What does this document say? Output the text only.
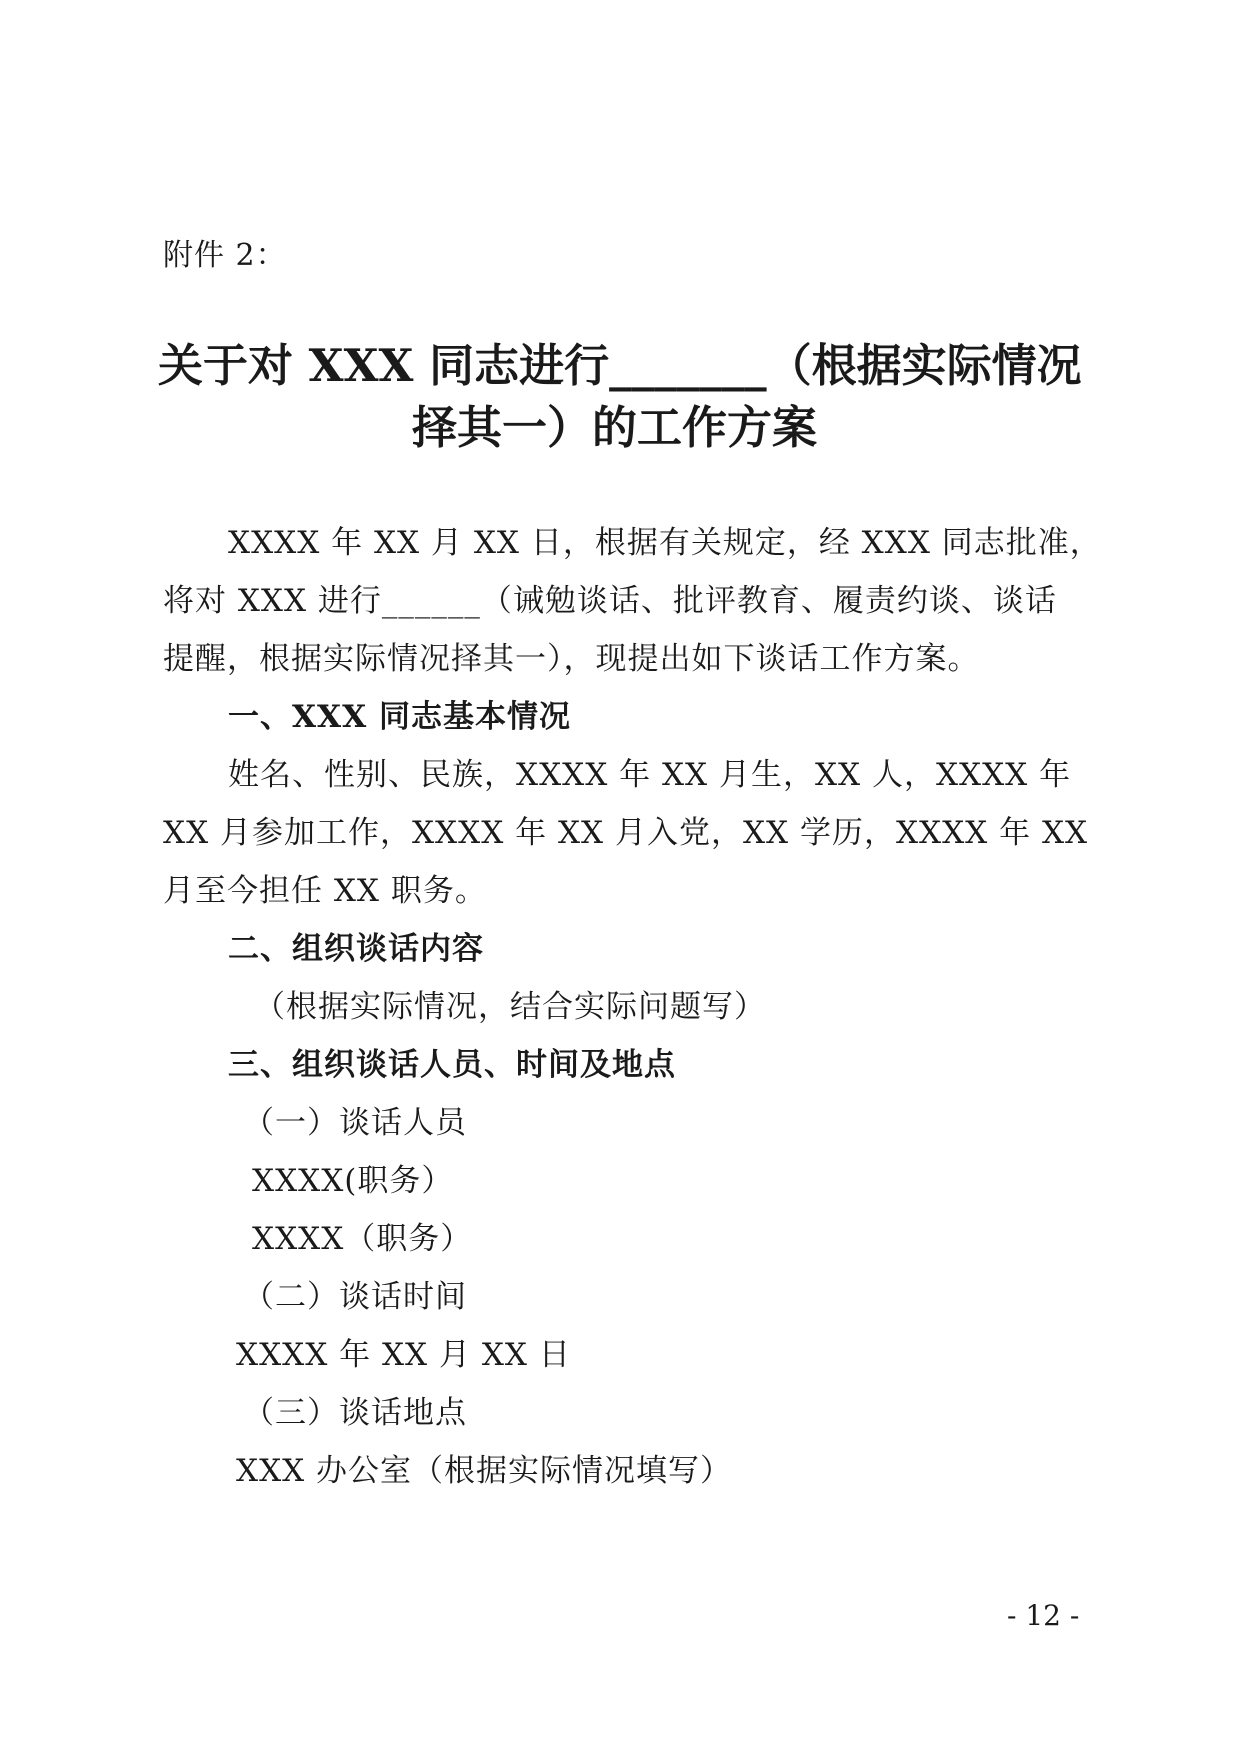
附件 2：
关于对 XXX 同志进行_______（根据实际情况
择其一）的工作方案
XXXX 年 XX 月 XX 日，根据有关规定，经 XXX 同志批准，
将对 XXX 进行______（诫勉谈话、批评教育、履责约谈、谈话
提醒，根据实际情况择其一），现提出如下谈话工作方案。
一、XXX 同志基本情况
姓名、性别、民族，XXXX 年 XX 月生，XX 人，XXXX 年
XX 月参加工作，XXXX 年 XX 月入党，XX 学历，XXXX 年 XX
月至今担任 XX 职务。
二、组织谈话内容
（根据实际情况，结合实际问题写）
三、组织谈话人员、时间及地点
（一）谈话人员
XXXX(职务）
XXXX（职务）
（二）谈话时间
XXXX 年 XX 月 XX 日
（三）谈话地点
XXX 办公室（根据实际情况填写）
- 12 -
